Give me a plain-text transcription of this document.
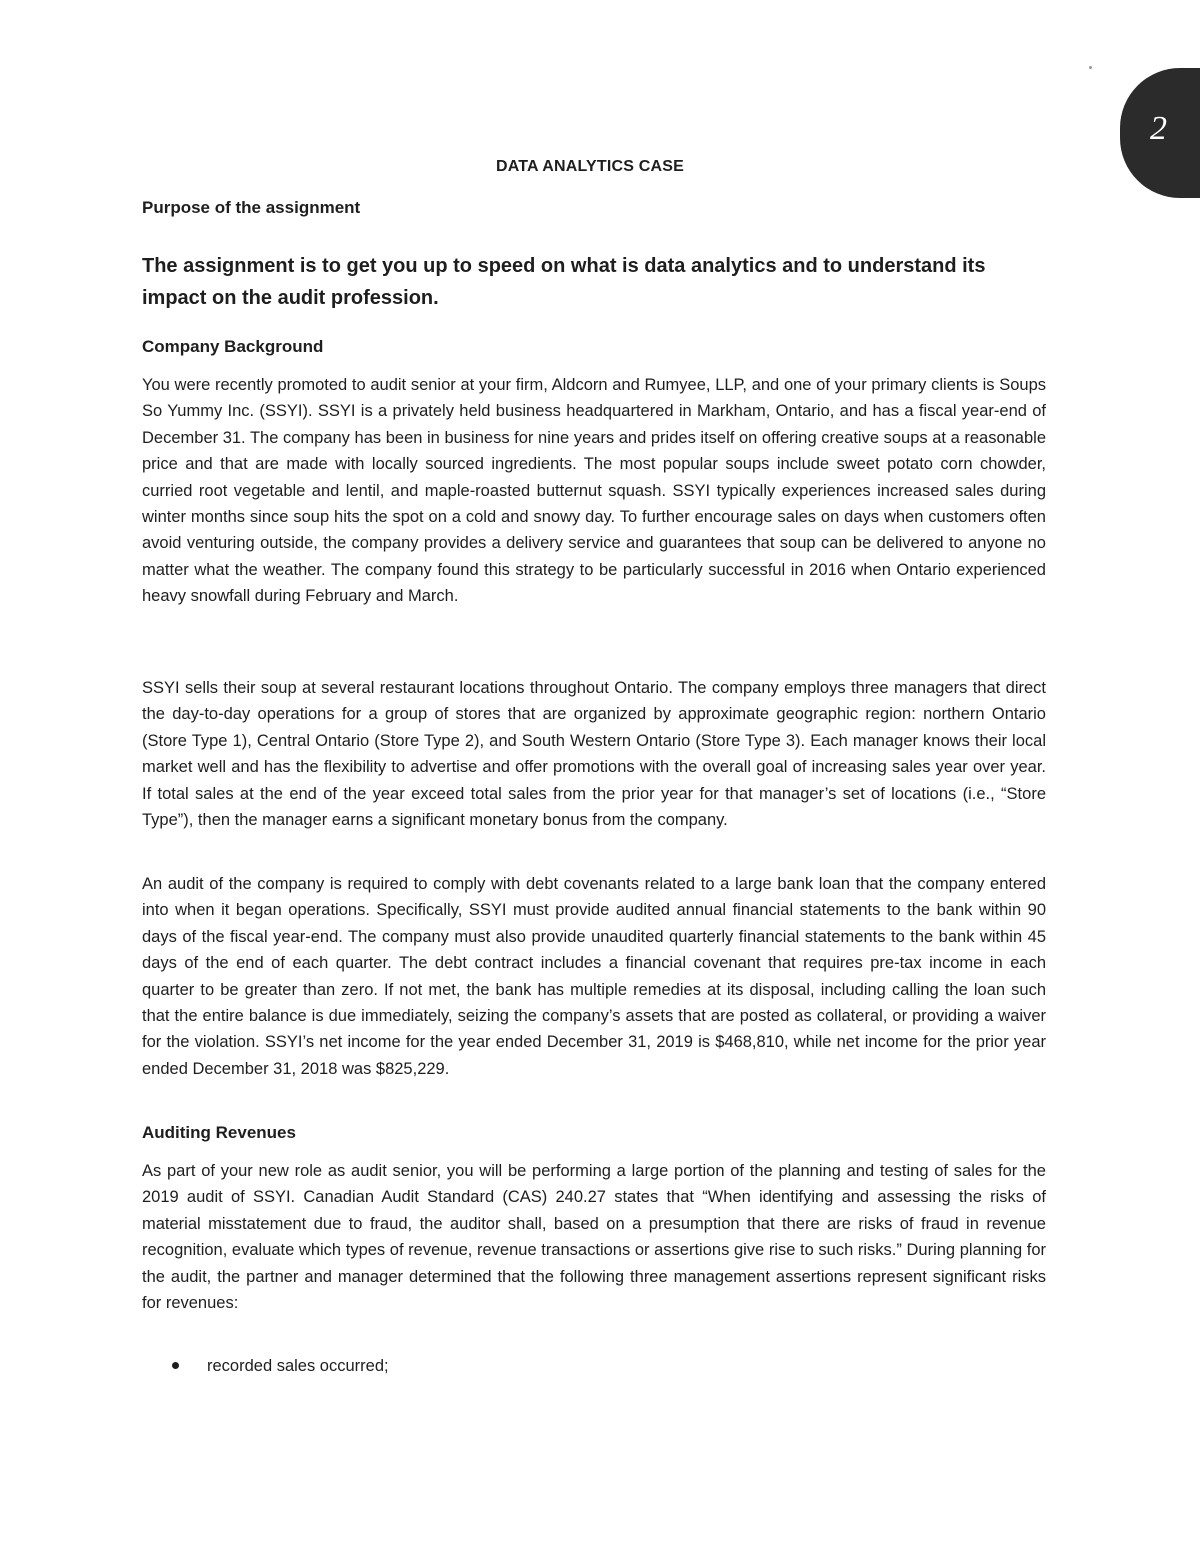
2
DATA ANALYTICS CASE
Purpose of the assignment
The assignment is to get you up to speed on what is data analytics and to understand its impact on the audit profession.
Company Background
You were recently promoted to audit senior at your firm, Aldcorn and Rumyee, LLP, and one of your primary clients is Soups So Yummy Inc. (SSYI). SSYI is a privately held business headquartered in Markham, Ontario, and has a fiscal year-end of December 31. The company has been in business for nine years and prides itself on offering creative soups at a reasonable price and that are made with locally sourced ingredients. The most popular soups include sweet potato corn chowder, curried root vegetable and lentil, and maple-roasted butternut squash. SSYI typically experiences increased sales during winter months since soup hits the spot on a cold and snowy day. To further encourage sales on days when customers often avoid venturing outside, the company provides a delivery service and guarantees that soup can be delivered to anyone no matter what the weather. The company found this strategy to be particularly successful in 2016 when Ontario experienced heavy snowfall during February and March.
SSYI sells their soup at several restaurant locations throughout Ontario. The company employs three managers that direct the day-to-day operations for a group of stores that are organized by approximate geographic region: northern Ontario (Store Type 1), Central Ontario (Store Type 2), and South Western Ontario (Store Type 3). Each manager knows their local market well and has the flexibility to advertise and offer promotions with the overall goal of increasing sales year over year. If total sales at the end of the year exceed total sales from the prior year for that manager’s set of locations (i.e., “Store Type”), then the manager earns a significant monetary bonus from the company.
An audit of the company is required to comply with debt covenants related to a large bank loan that the company entered into when it began operations. Specifically, SSYI must provide audited annual financial statements to the bank within 90 days of the fiscal year-end. The company must also provide unaudited quarterly financial statements to the bank within 45 days of the end of each quarter. The debt contract includes a financial covenant that requires pre-tax income in each quarter to be greater than zero. If not met, the bank has multiple remedies at its disposal, including calling the loan such that the entire balance is due immediately, seizing the company’s assets that are posted as collateral, or providing a waiver for the violation. SSYI’s net income for the year ended December 31, 2019 is $468,810, while net income for the prior year ended December 31, 2018 was $825,229.
Auditing Revenues
As part of your new role as audit senior, you will be performing a large portion of the planning and testing of sales for the 2019 audit of SSYI. Canadian Audit Standard (CAS) 240.27 states that “When identifying and assessing the risks of material misstatement due to fraud, the auditor shall, based on a presumption that there are risks of fraud in revenue recognition, evaluate which types of revenue, revenue transactions or assertions give rise to such risks.” During planning for the audit, the partner and manager determined that the following three management assertions represent significant risks for revenues:
recorded sales occurred;
